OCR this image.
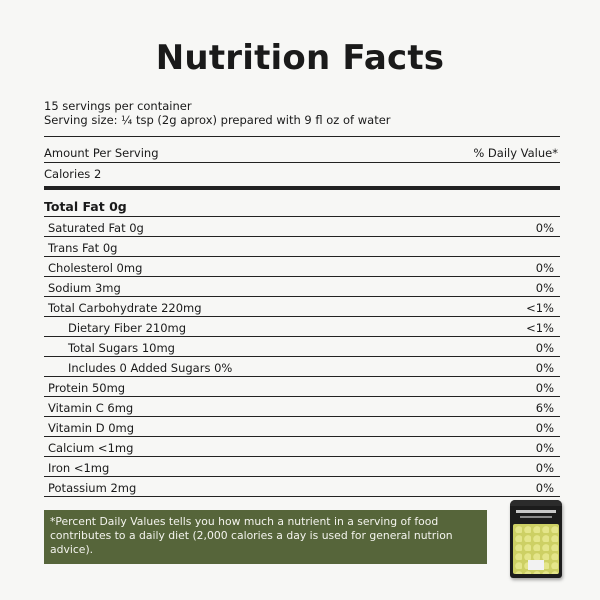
Nutrition Facts
15 servings per container
Serving size: ¼ tsp (2g aprox) prepared with 9 fl oz of water
Amount Per Serving	% Daily Value*
Calories 2
Total Fat 0g
Saturated Fat 0g	0%
Trans Fat 0g
Cholesterol 0mg	0%
Sodium 3mg	0%
Total Carbohydrate 220mg	<1%
Dietary Fiber 210mg	<1%
Total Sugars 10mg	0%
Includes 0 Added Sugars 0%	0%
Protein 50mg	0%
Vitamin C 6mg	6%
Vitamin D 0mg	0%
Calcium <1mg	0%
Iron <1mg	0%
Potassium 2mg	0%
*Percent Daily Values tells you how much a nutrient in a serving of food contributes to a daily diet (2,000 calories a day is used for general nutrion advice).
